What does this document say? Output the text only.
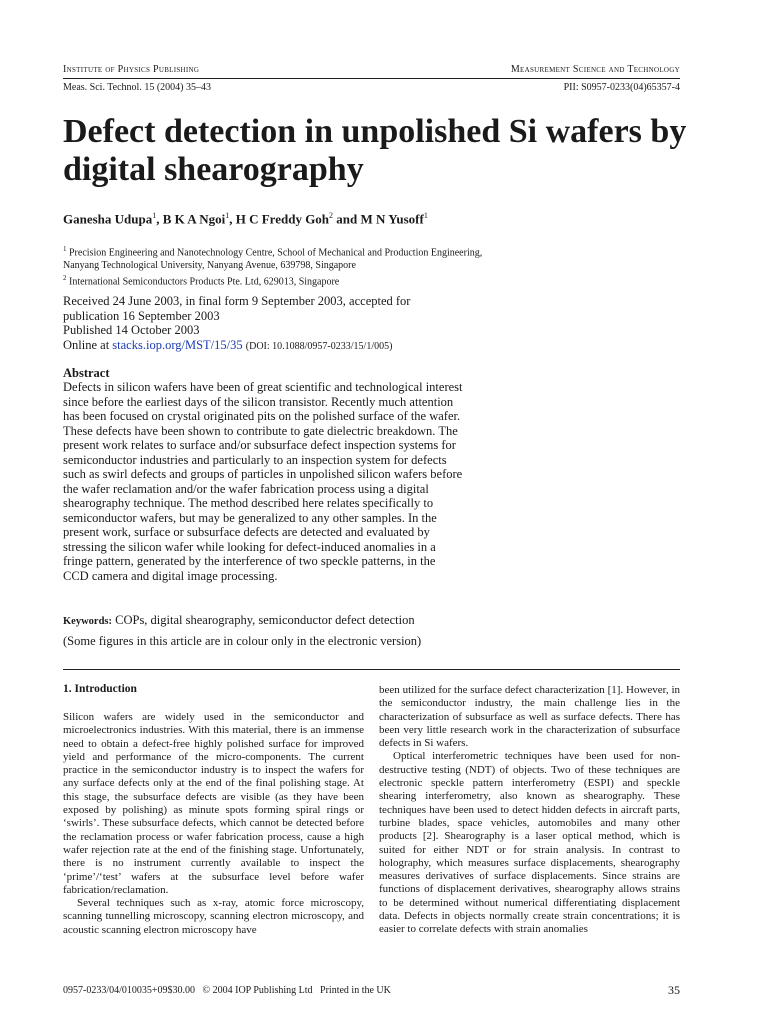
Institute of Physics Publishing	Measurement Science and Technology
Meas. Sci. Technol. 15 (2004) 35–43	PII: S0957-0233(04)65357-4
Defect detection in unpolished Si wafers by digital shearography
Ganesha Udupa$^1$, B K A Ngoi$^1$, H C Freddy Goh$^2$ and M N Yusoff$^1$
$^1$ Precision Engineering and Nanotechnology Centre, School of Mechanical and Production Engineering, Nanyang Technological University, Nanyang Avenue, 639798, Singapore
$^2$ International Semiconductors Products Pte. Ltd, 629013, Singapore
Received 24 June 2003, in final form 9 September 2003, accepted for publication 16 September 2003
Published 14 October 2003
Online at stacks.iop.org/MST/15/35 (DOI: 10.1088/0957-0233/15/1/005)
Abstract
Defects in silicon wafers have been of great scientific and technological interest since before the earliest days of the silicon transistor. Recently much attention has been focused on crystal originated pits on the polished surface of the wafer. These defects have been shown to contribute to gate dielectric breakdown. The present work relates to surface and/or subsurface defect inspection systems for semiconductor industries and particularly to an inspection system for defects such as swirl defects and groups of particles in unpolished silicon wafers before the wafer reclamation and/or the wafer fabrication process using a digital shearography technique. The method described here relates specifically to semiconductor wafers, but may be generalized to any other samples. In the present work, surface or subsurface defects are detected and evaluated by stressing the silicon wafer while looking for defect-induced anomalies in a fringe pattern, generated by the interference of two speckle patterns, in the CCD camera and digital image processing.
Keywords: COPs, digital shearography, semiconductor defect detection
(Some figures in this article are in colour only in the electronic version)
1. Introduction

Silicon wafers are widely used in the semiconductor and microelectronics industries. With this material, there is an immense need to obtain a defect-free highly polished surface for improved yield and performance of the micro-components. The current practice in the semiconductor industry is to inspect the wafers for any surface defects only at the end of the final polishing stage. At this stage, the subsurface defects are visible (as they have been exposed by polishing) as minute spots forming spiral rings or ‘swirls’. These subsurface defects, which cannot be detected before the reclamation process or wafer fabrication process, cause a high wafer rejection rate at the end of the finishing stage. Unfortunately, there is no instrument currently available to inspect the ‘prime’/‘test’ wafers at the subsurface level before wafer fabrication/reclamation.

Several techniques such as x-ray, atomic force microscopy, scanning tunnelling microscopy, scanning electron microscopy, and acoustic scanning electron microscopy have

been utilized for the surface defect characterization [1]. However, in the semiconductor industry, the main challenge lies in the characterization of subsurface as well as surface defects. There has been very little research work in the characterization of subsurface defects in Si wafers.

Optical interferometric techniques have been used for non-destructive testing (NDT) of objects. Two of these techniques are electronic speckle pattern interferometry (ESPI) and speckle shearing interferometry, also known as shearography. These techniques have been used to detect hidden defects in aircraft parts, turbine blades, space vehicles, automobiles and many other products [2]. Shearography is a laser optical method, which is suited for either NDT or for strain analysis. In contrast to holography, which measures surface displacements, shearography measures derivatives of surface displacements. Since strains are functions of displacement derivatives, shearography allows strains to be determined without numerical differentiating displacement data. Defects in objects normally create strain concentrations; it is easier to correlate defects with strain anomalies

0957-0233/04/010035+09$30.00   © 2004 IOP Publishing Ltd   Printed in the UK	35
